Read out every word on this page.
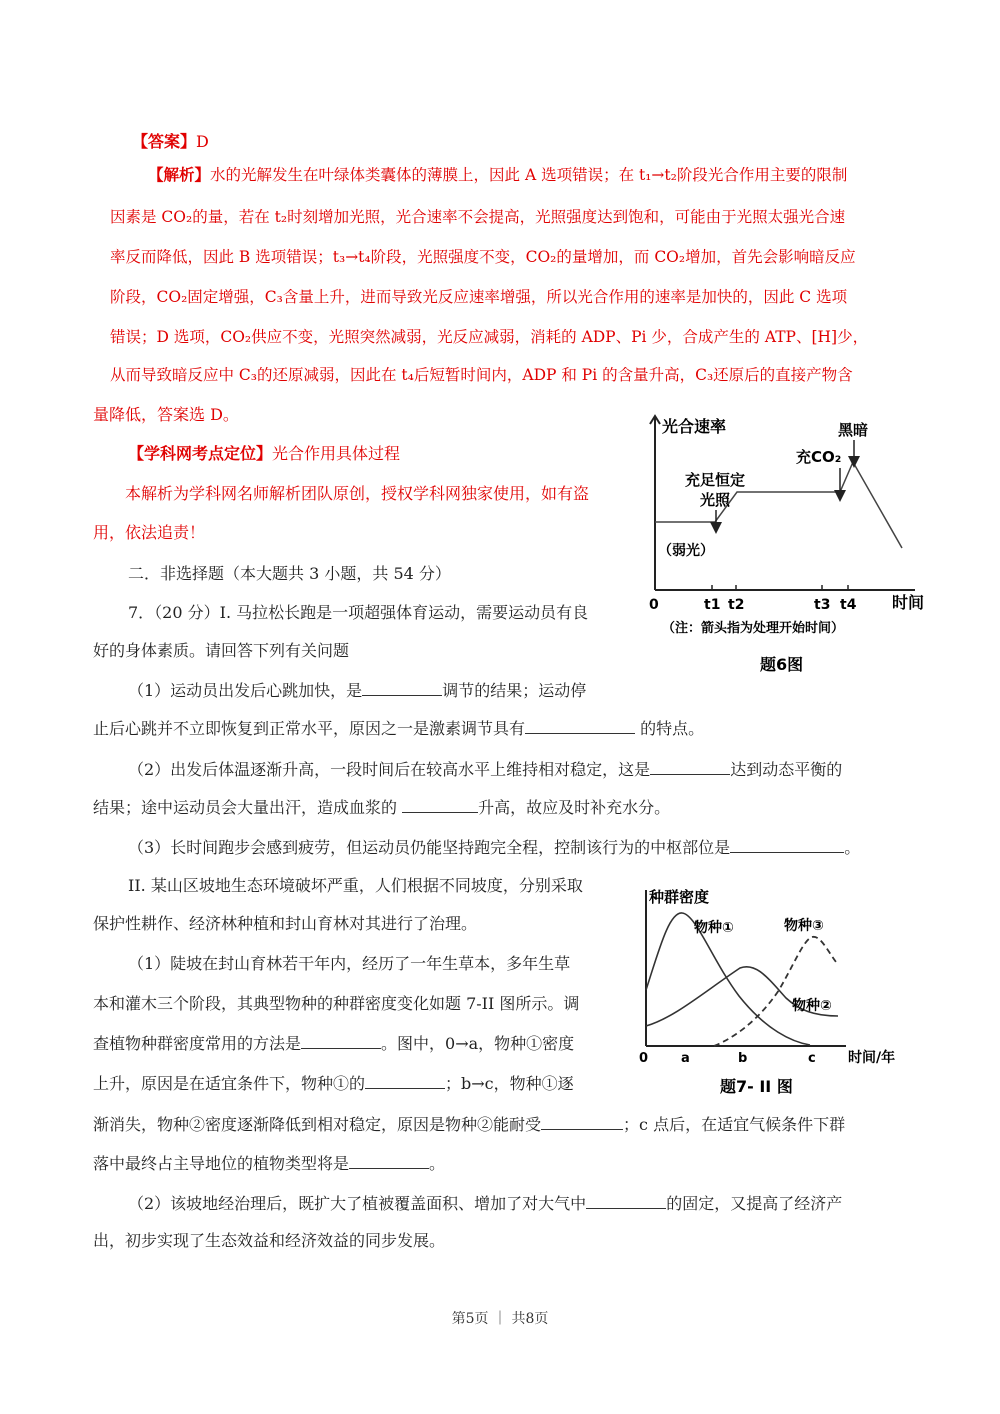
【答案】D
【解析】水的光解发生在叶绿体类囊体的薄膜上，因此 A 选项错误；在 t₁→t₂阶段光合作用主要的限制
因素是 CO₂的量，若在 t₂时刻增加光照，光合速率不会提高，光照强度达到饱和，可能由于光照太强光合速
率反而降低，因此 B 选项错误；t₃→t₄阶段，光照强度不变，CO₂的量增加，而 CO₂增加，首先会影响暗反应
阶段，CO₂固定增强，C₃含量上升，进而导致光反应速率增强，所以光合作用的速率是加快的，因此 C 选项
错误；D 选项，CO₂供应不变，光照突然减弱，光反应减弱，消耗的 ADP、Pi 少，合成产生的 ATP、[H]少，
从而导致暗反应中 C₃的还原减弱，因此在 t₄后短暂时间内，ADP 和 Pi 的含量升高，C₃还原后的直接产物含
量降低，答案选 D。
【学科网考点定位】光合作用具体过程
本解析为学科网名师解析团队原创，授权学科网独家使用，如有盗
用，依法追责！
二．非选择题（本大题共 3 小题，共 54 分）
7．（20 分）I. 马拉松长跑是一项超强体育运动，需要运动员有良
好的身体素质。请回答下列有关问题
（1）运动员出发后心跳加快，是	调节的结果；运动停
止后心跳并不立即恢复到正常水平，原因之一是激素调节具有	的特点。
（2）出发后体温逐渐升高，一段时间后在较高水平上维持相对稳定，这是	达到动态平衡的
结果；途中运动员会大量出汗，造成血浆的	升高，故应及时补充水分。
（3）长时间跑步会感到疲劳，但运动员仍能坚持跑完全程，控制该行为的中枢部位是	。
II. 某山区坡地生态环境破坏严重，人们根据不同坡度，分别采取
保护性耕作、经济林种植和封山育林对其进行了治理。
（1）陡坡在封山育林若干年内，经历了一年生草本，多年生草
本和灌木三个阶段，其典型物种的种群密度变化如题 7-II 图所示。调
查植物种群密度常用的方法是	。图中，0→a，物种①密度
上升，原因是在适宜条件下，物种①的	；b→c，物种①逐
渐消失，物种②密度逐渐降低到相对稳定，原因是物种②能耐受	；c 点后，在适宜气候条件下群
落中最终占主导地位的植物类型将是	。
（2）该坡地经治理后，既扩大了植被覆盖面积、增加了对大气中	的固定，又提高了经济产
出，初步实现了生态效益和经济效益的同步发展。
光合速率
时间
0	t1 t2	t3 t4
（弱光）
充足恒定
光照
充CO₂
黑暗
（注：箭头指为处理开始时间）
题6图
种群密度
时间/年
0	a	b	c
物种①	物种③
物种②
题7- II 图
第5页 ｜ 共8页
